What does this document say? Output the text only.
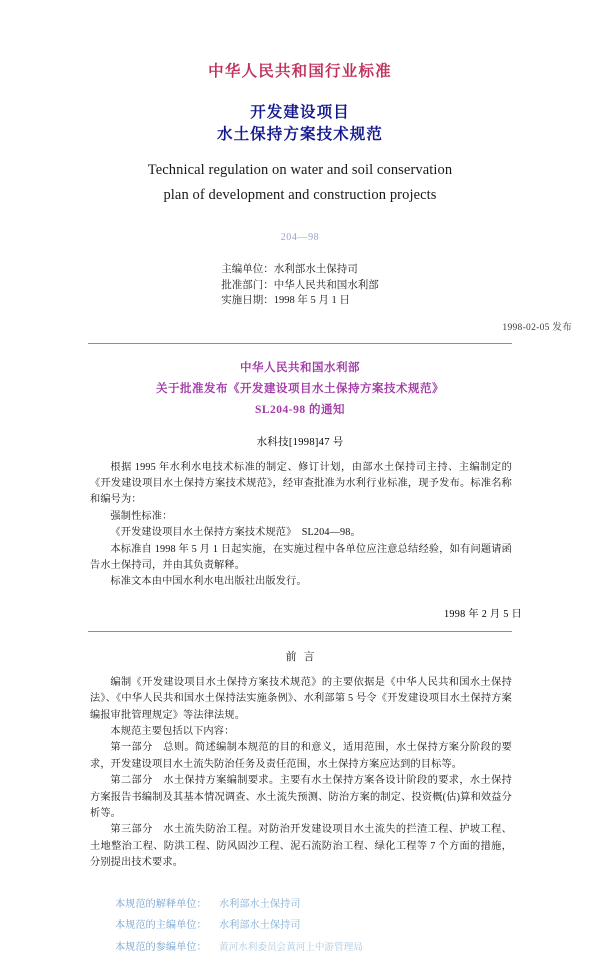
中华人民共和国行业标准
开发建设项目
水土保持方案技术规范
Technical regulation on water and soil conservation
plan of development and construction projects
204—98
主编单位：水利部水土保持司
批准部门：中华人民共和国水利部
实施日期：1998 年 5 月 1 日
1998-02-05 发布
中华人民共和国水利部
关于批准发布《开发建设项目水土保持方案技术规范》
SL204-98 的通知
水科技[1998]47 号

根据 1995 年水利水电技术标准的制定、修订计划，由部水土保持司主持、主编制定的《开发建设项目水土保持方案技术规范》，经审查批准为水利行业标准，现予发布。标准名称和编号为：

强制性标准：

《开发建设项目水土保持方案技术规范》　SL204—98。

本标准自 1998 年 5 月 1 日起实施，在实施过程中各单位应注意总结经验，如有问题请函告水土保持司，并由其负责解释。

标准文本由中国水利水电出版社出版发行。

1998 年 2 月 5 日
前言

编制《开发建设项目水土保持方案技术规范》的主要依据是《中华人民共和国水土保持法》、《中华人民共和国水土保持法实施条例》、水利部第 5 号令《开发建设项目水土保持方案编报审批管理规定》等法律法规。

本规范主要包括以下内容：

第一部分　总则。简述编制本规范的目的和意义，适用范围，水土保持方案分阶段的要求，开发建设项目水土流失防治任务及责任范围，水土保持方案应达到的目标等。

第二部分　水土保持方案编制要求。主要有水土保持方案各设计阶段的要求，水土保持方案报告书编制及其基本情况调查、水土流失预测、防治方案的制定、投资概(估)算和效益分析等。

第三部分　水土流失防治工程。对防治开发建设项目水土流失的拦渣工程、护坡工程、土地整治工程、防洪工程、防风固沙工程、泥石流防治工程、绿化工程等 7 个方面的措施，分别提出技术要求。

本规范的解释单位： 水利部水土保持司
本规范的主编单位： 水利部水土保持司
本规范的参编单位： 黄河水利委员会黄河上中游管理局
